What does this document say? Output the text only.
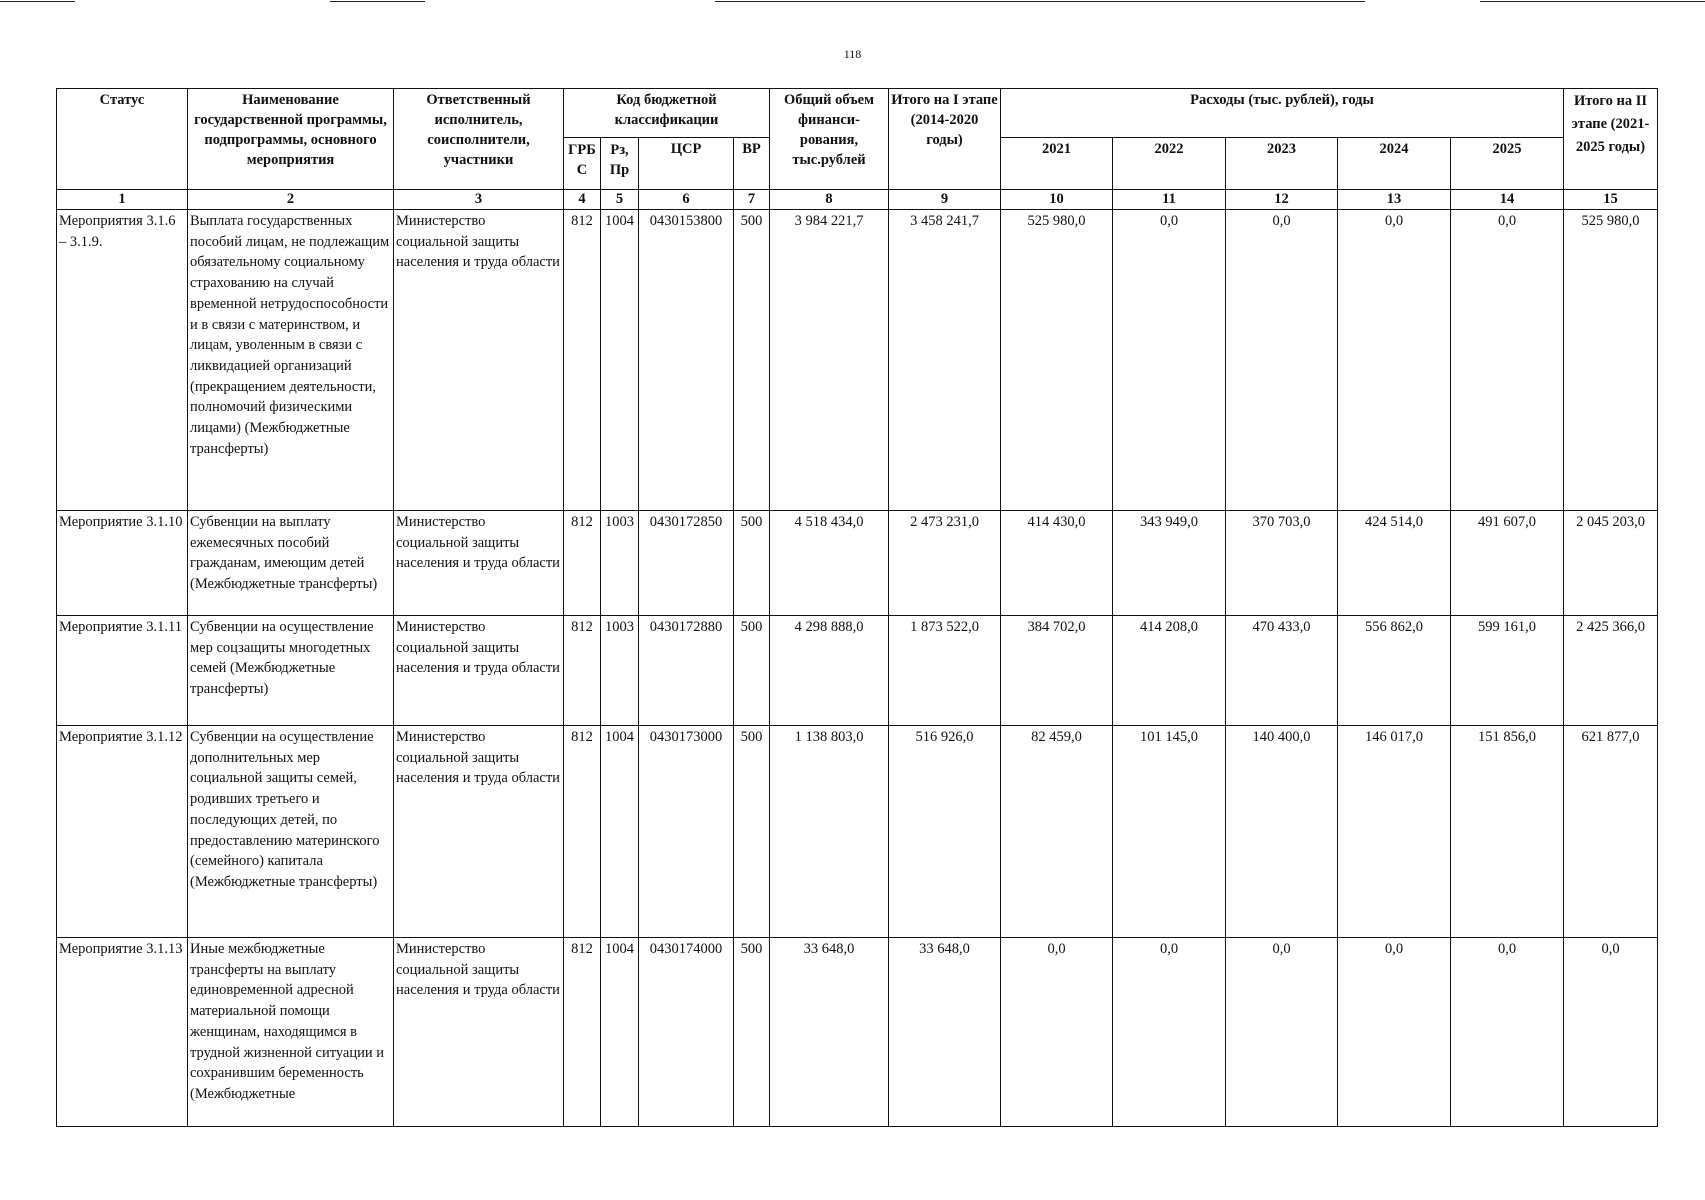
118
Статус	Наименование государственной программы, подпрограммы, основного мероприятия	Ответственный исполнитель, соисполнители, участники	Код бюджетной классификации				Общий объем финанси- рования, тыс.рублей	Итого на I этапе (2014-2020 годы)	Расходы (тыс. рублей), годы					Итого на II этапе (2021- 2025 годы)
			ГРБ С	Рз, Пр	ЦСР	ВР			2021	2022	2023	2024	2025	
1	2	3	4	5	6	7	8	9	10	11	12	13	14	15
Мероприятия 3.1.6 – 3.1.9.	Выплата государственных пособий лицам, не подлежащим обязательному социальному страхованию на случай временной нетрудоспособности и в связи с материнством, и лицам, уволенным в связи с ликвидацией организаций (прекращением деятельности, полномочий физическими лицами) (Межбюджетные трансферты)	Министерство социальной защиты населения и труда области	812	1004	0430153800	500	3 984 221,7	3 458 241,7	525 980,0	0,0	0,0	0,0	0,0	525 980,0
Мероприятие 3.1.10	Субвенции на выплату ежемесячных пособий гражданам, имеющим детей (Межбюджетные трансферты)	Министерство социальной защиты населения и труда области	812	1003	0430172850	500	4 518 434,0	2 473 231,0	414 430,0	343 949,0	370 703,0	424 514,0	491 607,0	2 045 203,0
Мероприятие 3.1.11	Субвенции на осуществление мер соцзащиты многодетных семей (Межбюджетные трансферты)	Министерство социальной защиты населения и труда области	812	1003	0430172880	500	4 298 888,0	1 873 522,0	384 702,0	414 208,0	470 433,0	556 862,0	599 161,0	2 425 366,0
Мероприятие 3.1.12	Субвенции на осуществление дополнительных мер социальной защиты семей, родивших третьего и последующих детей, по предоставлению материнского (семейного) капитала (Межбюджетные трансферты)	Министерство социальной защиты населения и труда области	812	1004	0430173000	500	1 138 803,0	516 926,0	82 459,0	101 145,0	140 400,0	146 017,0	151 856,0	621 877,0
Мероприятие 3.1.13	Иные межбюджетные трансферты на выплату единовременной адресной материальной помощи женщинам, находящимся в трудной жизненной ситуации и сохранившим беременность (Межбюджетные	Министерство социальной защиты населения и труда области	812	1004	0430174000	500	33 648,0	33 648,0	0,0	0,0	0,0	0,0	0,0	0,0
